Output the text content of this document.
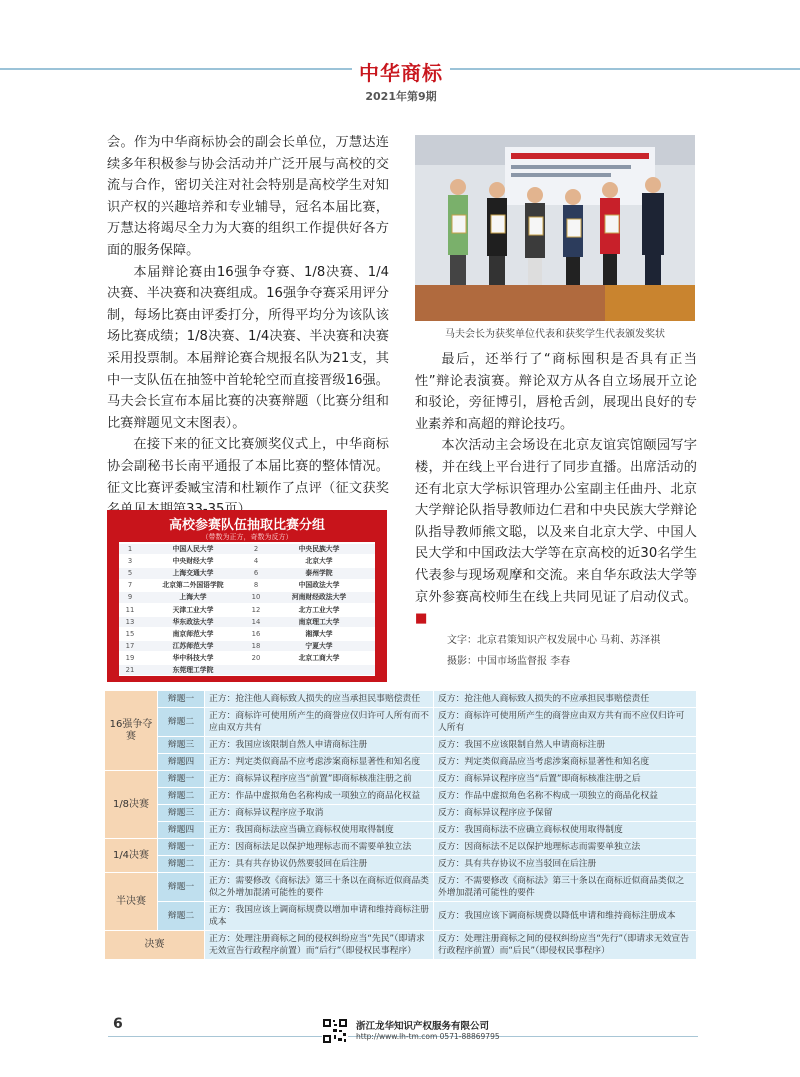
中华商标
2021年第9期

会。作为中华商标协会的副会长单位，万慧达连续多年积极参与协会活动并广泛开展与高校的交流与合作，密切关注对社会特别是高校学生对知识产权的兴趣培养和专业辅导，冠名本届比赛，万慧达将竭尽全力为大赛的组织工作提供好各方面的服务保障。

本届辩论赛由16强争夺赛、1/8决赛、1/4决赛、半决赛和决赛组成。16强争夺赛采用评分制，每场比赛由评委打分，所得平均分为该队该场比赛成绩；1/8决赛、1/4决赛、半决赛和决赛采用投票制。本届辩论赛合规报名队为21支，其中一支队伍在抽签中首轮轮空而直接晋级16强。马夫会长宣布本届比赛的决赛辩题（比赛分组和比赛辩题见文末图表）。

在接下来的征文比赛颁奖仪式上，中华商标协会副秘书长南平通报了本届比赛的整体情况。征文比赛评委臧宝清和杜颖作了点评（征文获奖

马夫会长为获奖单位代表和获奖学生代表颁发奖状

最后，还举行了“商标囤积是否具有正当性”辩论表演赛。辩论双方从各自立场展开立论和驳论，旁征博引，唇枪舌剑，展现出良好的专业素养和高超的辩论技巧。

本次活动主会场设在北京友谊宾馆颐园写字楼，并在线上平台进行了同步直播。出席活动的还有北京大学标识管理办公室副主任曲丹、北京大学辩论队指导教师边仁君和中央民族大学辩论队指导教师熊文聪，以及来自北京大学、中国人民大学和中国政法大学等在京高校的近30名学生代表参与现场观摩和交流。来自华东政法大学等京外参赛高校师生在线上共同见证了启动仪式。■

文字：北京君策知识产权发展中心 马莉、苏泽祺
摄影：中国市场监督报 李春
高校参赛队伍抽取比赛分组
（带数为正方，奇数为反方）
1	中国人民大学	2	中央民族大学
3	中央财经大学	4	北京大学
5	上海交通大学	6	泰州学院
7	北京第二外国语学院	8	中国政法大学
9	上海大学	10	河南财经政法大学
11	天津工业大学	12	北方工业大学
13	华东政法大学	14	南京理工大学
15	南京师范大学	16	湘潭大学
17	江苏师范大学	18	宁夏大学
19	华中科技大学	20	北京工商大学
21	东莞理工学院
16强争夺赛	辩题一	正方：抢注他人商标致人损失的应当承担民事赔偿责任	反方：抢注他人商标致人损失的不应承担民事赔偿责任
	辩题二	正方：商标许可使用所产生的商誉应仅归许可人所有而不应由双方共有	反方：商标许可使用所产生的商誉应由双方共有而不应仅归许可人所有
	辩题三	正方：我国应该限制自然人申请商标注册	反方：我国不应该限制自然人申请商标注册
	辩题四	正方：判定类似商品不应考虑涉案商标显著性和知名度	反方：判定类似商品应当考虑涉案商标显著性和知名度
1/8决赛	辩题一	正方：商标异议程序应当“前置”即商标核准注册之前	反方：商标异议程序应当“后置”即商标核准注册之后
	辩题二	正方：作品中虚拟角色名称构成一项独立的商品化权益	反方：作品中虚拟角色名称不构成一项独立的商品化权益
	辩题三	正方：商标异议程序应予取消	反方：商标异议程序应予保留
	辩题四	正方：我国商标法应当确立商标权使用取得制度	反方：我国商标法不应确立商标权使用取得制度
1/4决赛	辩题一	正方：因商标法足以保护地理标志而不需要单独立法	反方：因商标法不足以保护地理标志而需要单独立法
	辩题二	正方：具有共存协议仍然要驳回在后注册	反方：具有共存协议不应当驳回在后注册
半决赛	辩题一	正方：需要修改《商标法》第三十条以在商标近似商品类似之外增加混淆可能性的要件	反方：不需要修改《商标法》第三十条以在商标近似商品类似之外增加混淆可能性的要件
	辩题二	正方：我国应该上调商标规费以增加申请和维持商标注册成本	反方：我国应该下调商标规费以降低申请和维持商标注册成本
决赛		正方：处理注册商标之间的侵权纠纷应当“先民”（即请求无效宣告行政程序前置）而“后行”（即侵权民事程序）	反方：处理注册商标之间的侵权纠纷应当“先行”（即请求无效宣告行政程序前置）而“后民”（即侵权民事程序）
6	浙江龙华知识产权服务有限公司
http://www.lh-tm.com 0571-88869795
